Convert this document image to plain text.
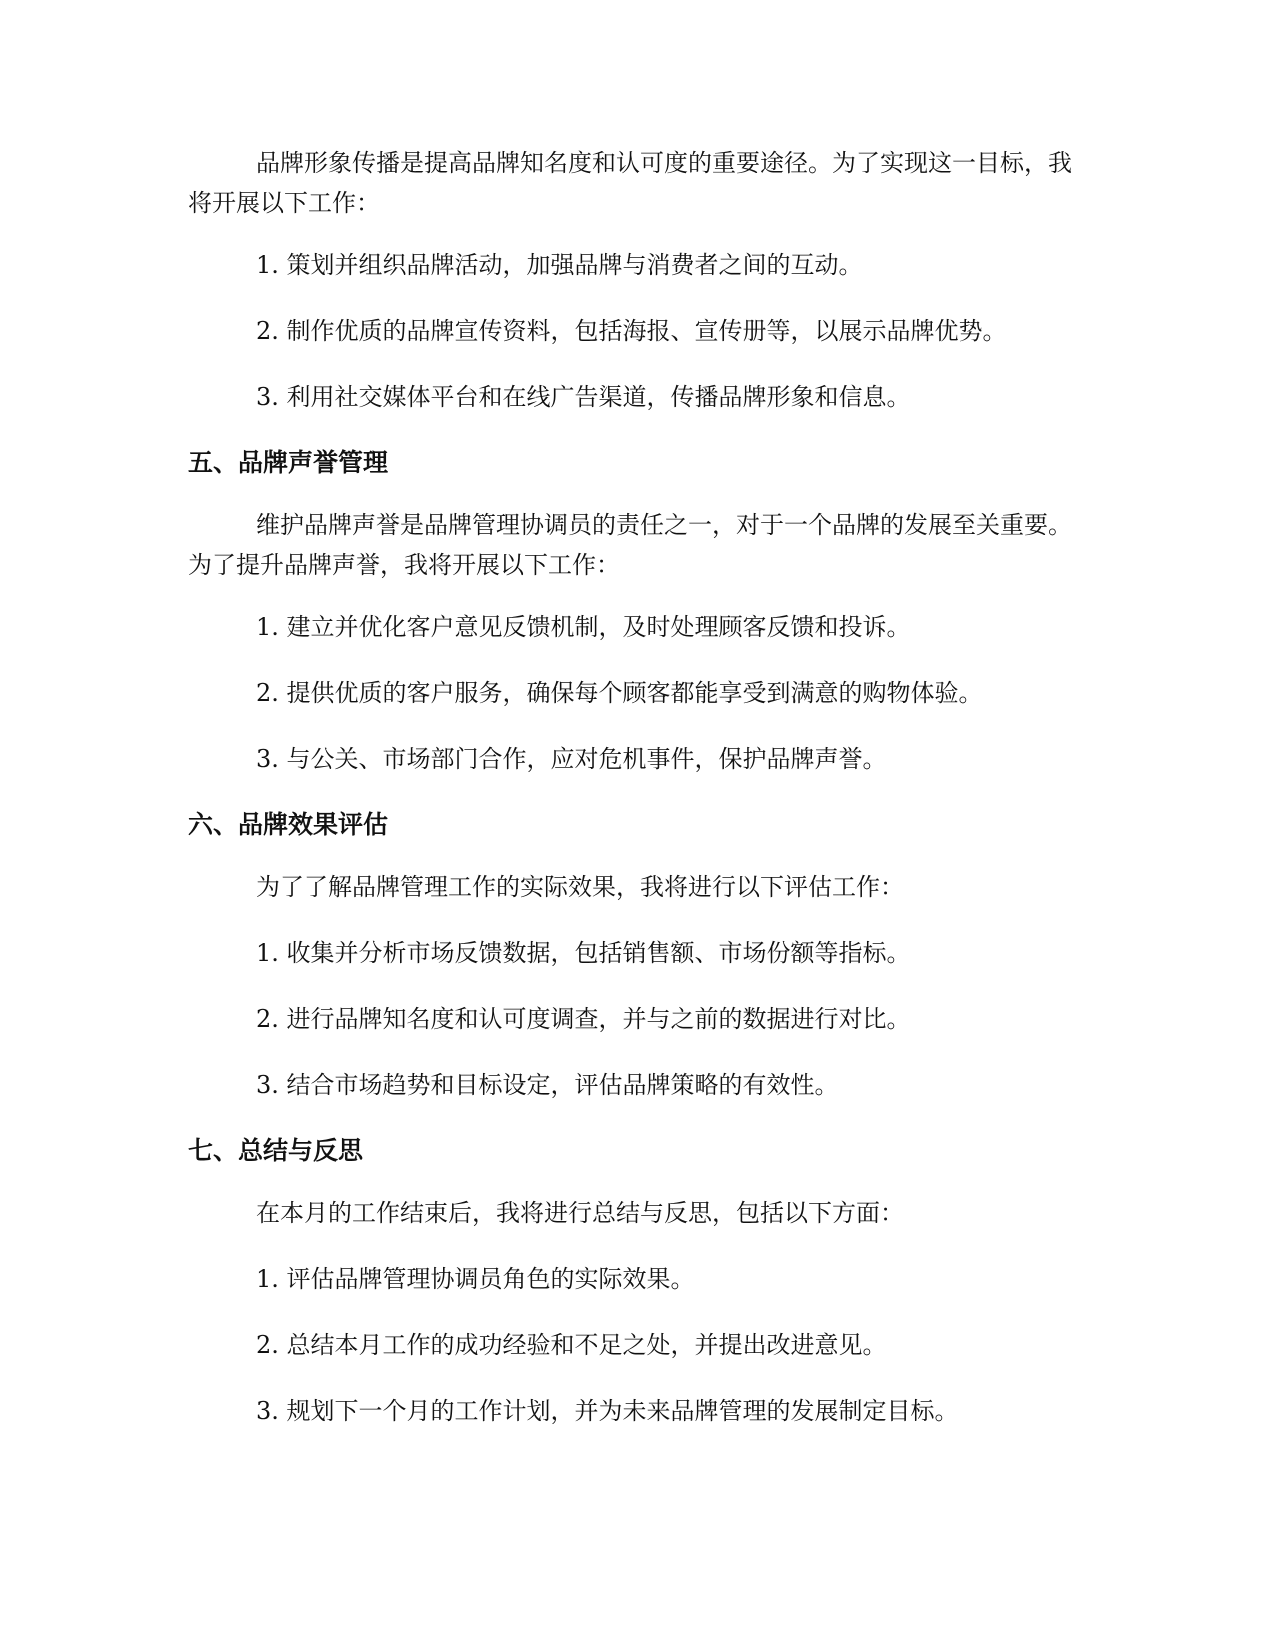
品牌形象传播是提高品牌知名度和认可度的重要途径。为了实现这一目标，我将开展以下工作：

1. 策划并组织品牌活动，加强品牌与消费者之间的互动。

2. 制作优质的品牌宣传资料，包括海报、宣传册等，以展示品牌优势。

3. 利用社交媒体平台和在线广告渠道，传播品牌形象和信息。

五、品牌声誉管理

维护品牌声誉是品牌管理协调员的责任之一，对于一个品牌的发展至关重要。为了提升品牌声誉，我将开展以下工作：

1. 建立并优化客户意见反馈机制，及时处理顾客反馈和投诉。

2. 提供优质的客户服务，确保每个顾客都能享受到满意的购物体验。

3. 与公关、市场部门合作，应对危机事件，保护品牌声誉。

六、品牌效果评估

为了了解品牌管理工作的实际效果，我将进行以下评估工作：

1. 收集并分析市场反馈数据，包括销售额、市场份额等指标。

2. 进行品牌知名度和认可度调查，并与之前的数据进行对比。

3. 结合市场趋势和目标设定，评估品牌策略的有效性。

七、总结与反思

在本月的工作结束后，我将进行总结与反思，包括以下方面：

1. 评估品牌管理协调员角色的实际效果。

2. 总结本月工作的成功经验和不足之处，并提出改进意见。

3. 规划下一个月的工作计划，并为未来品牌管理的发展制定目标。
